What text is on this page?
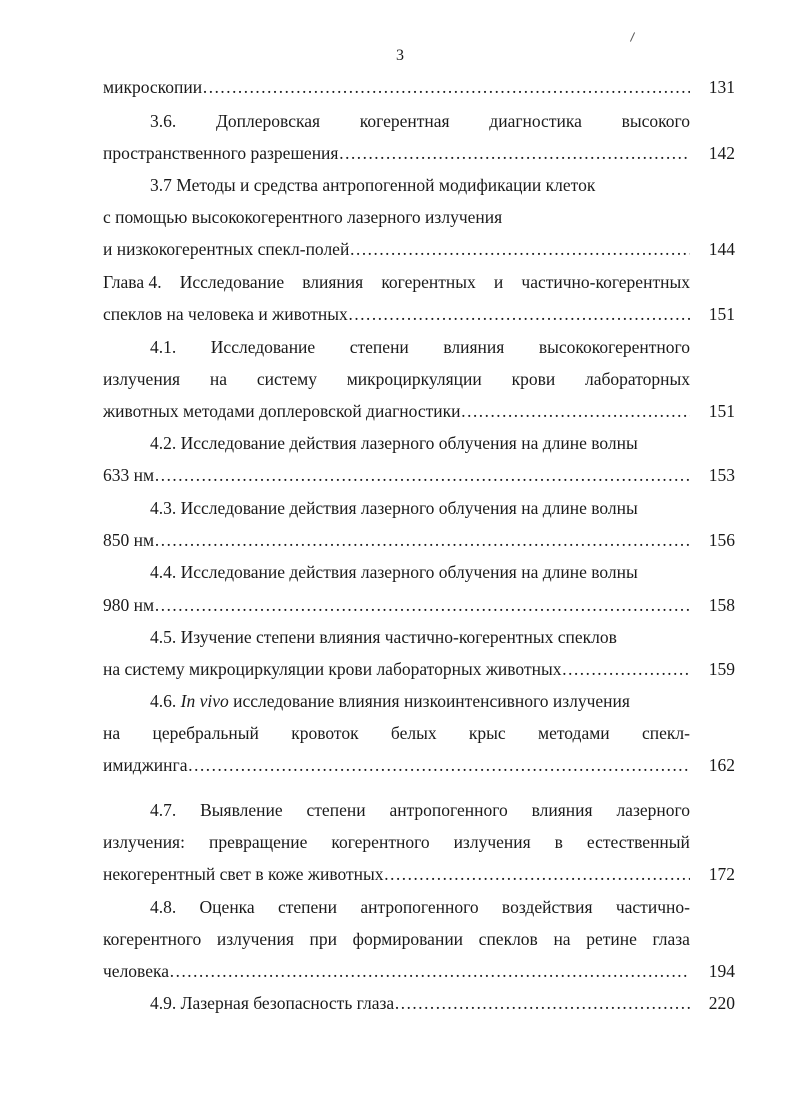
3
микроскопии ………………………………………………………………………………………………………………………………………………………	131
3.6. Доплеровская когерентная диагностика высокого
пространственного разрешения ………………………………………………………………………………………………………………………………………………………	142
3.7 Методы и средства антропогенной модификации клеток
с помощью высококогерентного лазерного излучения
и низкокогерентных спекл-полей ………………………………………………………………………………………………………………………………………………………	144
Глава 4. Исследование влияния когерентных и частично-когерентных
спеклов на человека и животных ………………………………………………………………………………………………………………………………………………………	151
4.1. Исследование степени влияния высококогерентного
излучения на систему микроциркуляции крови лабораторных
животных методами доплеровской диагностики ………………………………………………………………………………………………………………………………………………………	151
4.2. Исследование действия лазерного облучения на длине волны
633 нм ………………………………………………………………………………………………………………………………………………………	153
4.3. Исследование действия лазерного облучения на длине волны
850 нм ………………………………………………………………………………………………………………………………………………………	156
4.4. Исследование действия лазерного облучения на длине волны
980 нм ………………………………………………………………………………………………………………………………………………………	158
4.5. Изучение степени влияния частично-когерентных спеклов
на систему микроциркуляции крови лабораторных животных ………………………………………………………………………………………………………………………………………………………	159
4.6. In vivo исследование влияния низкоинтенсивного излучения
на церебральный кровоток белых крыс методами спекл-
имиджинга ………………………………………………………………………………………………………………………………………………………	162
4.7. Выявление степени антропогенного влияния лазерного
излучения: превращение когерентного излучения в естественный
некогерентный свет в коже животных ………………………………………………………………………………………………………………………………………………………	172
4.8. Оценка степени антропогенного воздействия частично-
когерентного излучения при формировании спеклов на ретине глаза
человека ………………………………………………………………………………………………………………………………………………………	194
4.9. Лазерная безопасность глаза ………………………………………………………………………………………………………………………………………………………	220
